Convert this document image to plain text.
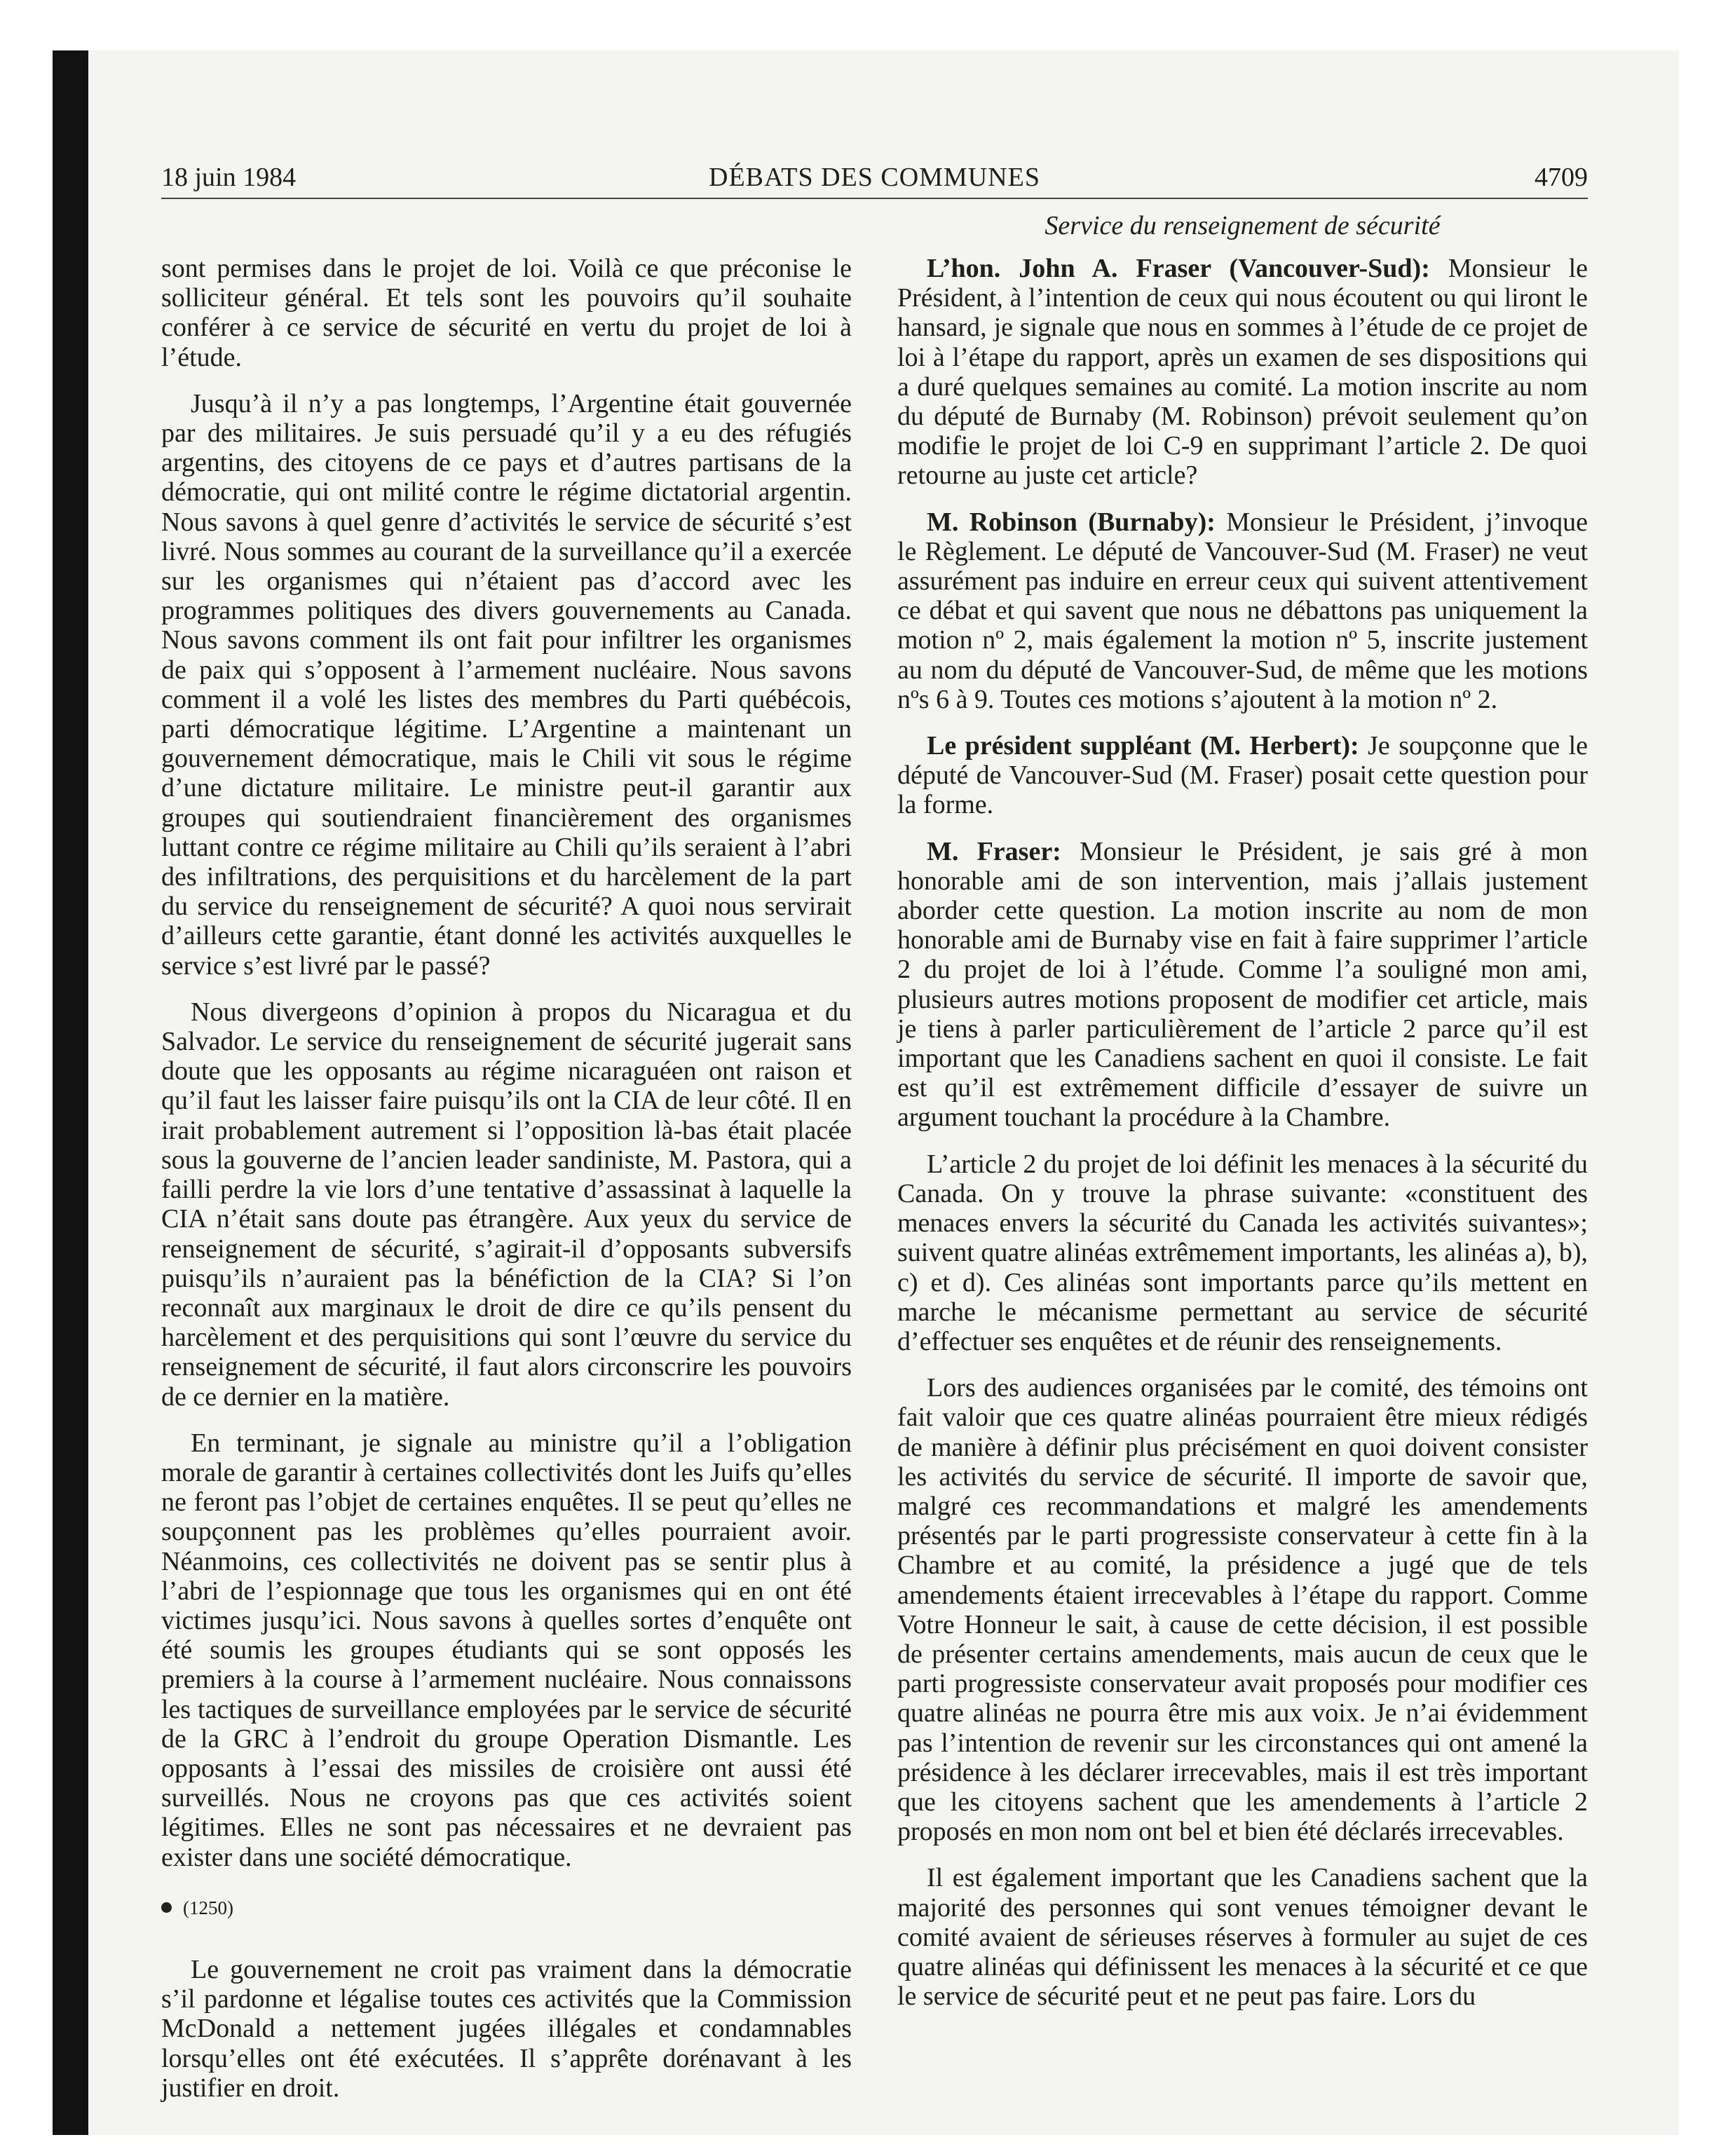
18 juin 1984	DÉBATS DES COMMUNES	4709

sont permises dans le projet de loi. Voilà ce que préconise le solliciteur général. Et tels sont les pouvoirs qu’il souhaite conférer à ce service de sécurité en vertu du projet de loi à l’étude.

Jusqu’à il n’y a pas longtemps, l’Argentine était gouvernée par des militaires. Je suis persuadé qu’il y a eu des réfugiés argentins, des citoyens de ce pays et d’autres partisans de la démocratie, qui ont milité contre le régime dictatorial argentin. Nous savons à quel genre d’activités le service de sécurité s’est livré. Nous sommes au courant de la surveillance qu’il a exercée sur les organismes qui n’étaient pas d’accord avec les programmes politiques des divers gouvernements au Canada. Nous savons comment ils ont fait pour infiltrer les organismes de paix qui s’opposent à l’armement nucléaire. Nous savons comment il a volé les listes des membres du Parti québécois, parti démocratique légitime. L’Argentine a maintenant un gouvernement démocratique, mais le Chili vit sous le régime d’une dictature militaire. Le ministre peut-il garantir aux groupes qui soutiendraient financièrement des organismes luttant contre ce régime militaire au Chili qu’ils seraient à l’abri des infiltrations, des perquisitions et du harcèlement de la part du service du renseignement de sécurité? A quoi nous servirait d’ailleurs cette garantie, étant donné les activités auxquelles le service s’est livré par le passé?

Nous divergeons d’opinion à propos du Nicaragua et du Salvador. Le service du renseignement de sécurité jugerait sans doute que les opposants au régime nicaraguéen ont raison et qu’il faut les laisser faire puisqu’ils ont la CIA de leur côté. Il en irait probablement autrement si l’opposition là-bas était placée sous la gouverne de l’ancien leader sandiniste, M. Pastora, qui a failli perdre la vie lors d’une tentative d’assassinat à laquelle la CIA n’était sans doute pas étrangère. Aux yeux du service de renseignement de sécurité, s’agirait-il d’opposants subversifs puisqu’ils n’auraient pas la bénéfiction de la CIA? Si l’on reconnaît aux marginaux le droit de dire ce qu’ils pensent du harcèlement et des perquisitions qui sont l’œuvre du service du renseignement de sécurité, il faut alors circonscrire les pouvoirs de ce dernier en la matière.

En terminant, je signale au ministre qu’il a l’obligation morale de garantir à certaines collectivités dont les Juifs qu’elles ne feront pas l’objet de certaines enquêtes. Il se peut qu’elles ne soupçonnent pas les problèmes qu’elles pourraient avoir. Néanmoins, ces collectivités ne doivent pas se sentir plus à l’abri de l’espionnage que tous les organismes qui en ont été victimes jusqu’ici. Nous savons à quelles sortes d’enquête ont été soumis les groupes étudiants qui se sont opposés les premiers à la course à l’armement nucléaire. Nous connaissons les tactiques de surveillance employées par le service de sécurité de la GRC à l’endroit du groupe Operation Dismantle. Les opposants à l’essai des missiles de croisière ont aussi été surveillés. Nous ne croyons pas que ces activités soient légitimes. Elles ne sont pas nécessaires et ne devraient pas exister dans une société démocratique.

(1250)

Le gouvernement ne croit pas vraiment dans la démocratie s’il pardonne et légalise toutes ces activités que la Commission McDonald a nettement jugées illégales et condamnables lorsqu’elles ont été exécutées. Il s’apprête dorénavant à les justifier en droit.

Service du renseignement de sécurité

L’hon. John A. Fraser (Vancouver-Sud): Monsieur le Président, à l’intention de ceux qui nous écoutent ou qui liront le hansard, je signale que nous en sommes à l’étude de ce projet de loi à l’étape du rapport, après un examen de ses dispositions qui a duré quelques semaines au comité. La motion inscrite au nom du député de Burnaby (M. Robinson) prévoit seulement qu’on modifie le projet de loi C-9 en supprimant l’article 2. De quoi retourne au juste cet article?

M. Robinson (Burnaby): Monsieur le Président, j’invoque le Règlement. Le député de Vancouver-Sud (M. Fraser) ne veut assurément pas induire en erreur ceux qui suivent attentivement ce débat et qui savent que nous ne débattons pas uniquement la motion nº 2, mais également la motion nº 5, inscrite justement au nom du député de Vancouver-Sud, de même que les motions nºs 6 à 9. Toutes ces motions s’ajoutent à la motion nº 2.

Le président suppléant (M. Herbert): Je soupçonne que le député de Vancouver-Sud (M. Fraser) posait cette question pour la forme.

M. Fraser: Monsieur le Président, je sais gré à mon honorable ami de son intervention, mais j’allais justement aborder cette question. La motion inscrite au nom de mon honorable ami de Burnaby vise en fait à faire supprimer l’article 2 du projet de loi à l’étude. Comme l’a souligné mon ami, plusieurs autres motions proposent de modifier cet article, mais je tiens à parler particulièrement de l’article 2 parce qu’il est important que les Canadiens sachent en quoi il consiste. Le fait est qu’il est extrêmement difficile d’essayer de suivre un argument touchant la procédure à la Chambre.

L’article 2 du projet de loi définit les menaces à la sécurité du Canada. On y trouve la phrase suivante: «constituent des menaces envers la sécurité du Canada les activités suivantes»; suivent quatre alinéas extrêmement importants, les alinéas a), b), c) et d). Ces alinéas sont importants parce qu’ils mettent en marche le mécanisme permettant au service de sécurité d’effectuer ses enquêtes et de réunir des renseignements.

Lors des audiences organisées par le comité, des témoins ont fait valoir que ces quatre alinéas pourraient être mieux rédigés de manière à définir plus précisément en quoi doivent consister les activités du service de sécurité. Il importe de savoir que, malgré ces recommandations et malgré les amendements présentés par le parti progressiste conservateur à cette fin à la Chambre et au comité, la présidence a jugé que de tels amendements étaient irrecevables à l’étape du rapport. Comme Votre Honneur le sait, à cause de cette décision, il est possible de présenter certains amendements, mais aucun de ceux que le parti progressiste conservateur avait proposés pour modifier ces quatre alinéas ne pourra être mis aux voix. Je n’ai évidemment pas l’intention de revenir sur les circonstances qui ont amené la présidence à les déclarer irrecevables, mais il est très important que les citoyens sachent que les amendements à l’article 2 proposés en mon nom ont bel et bien été déclarés irrecevables.

Il est également important que les Canadiens sachent que la majorité des personnes qui sont venues témoigner devant le comité avaient de sérieuses réserves à formuler au sujet de ces quatre alinéas qui définissent les menaces à la sécurité et ce que le service de sécurité peut et ne peut pas faire. Lors du
